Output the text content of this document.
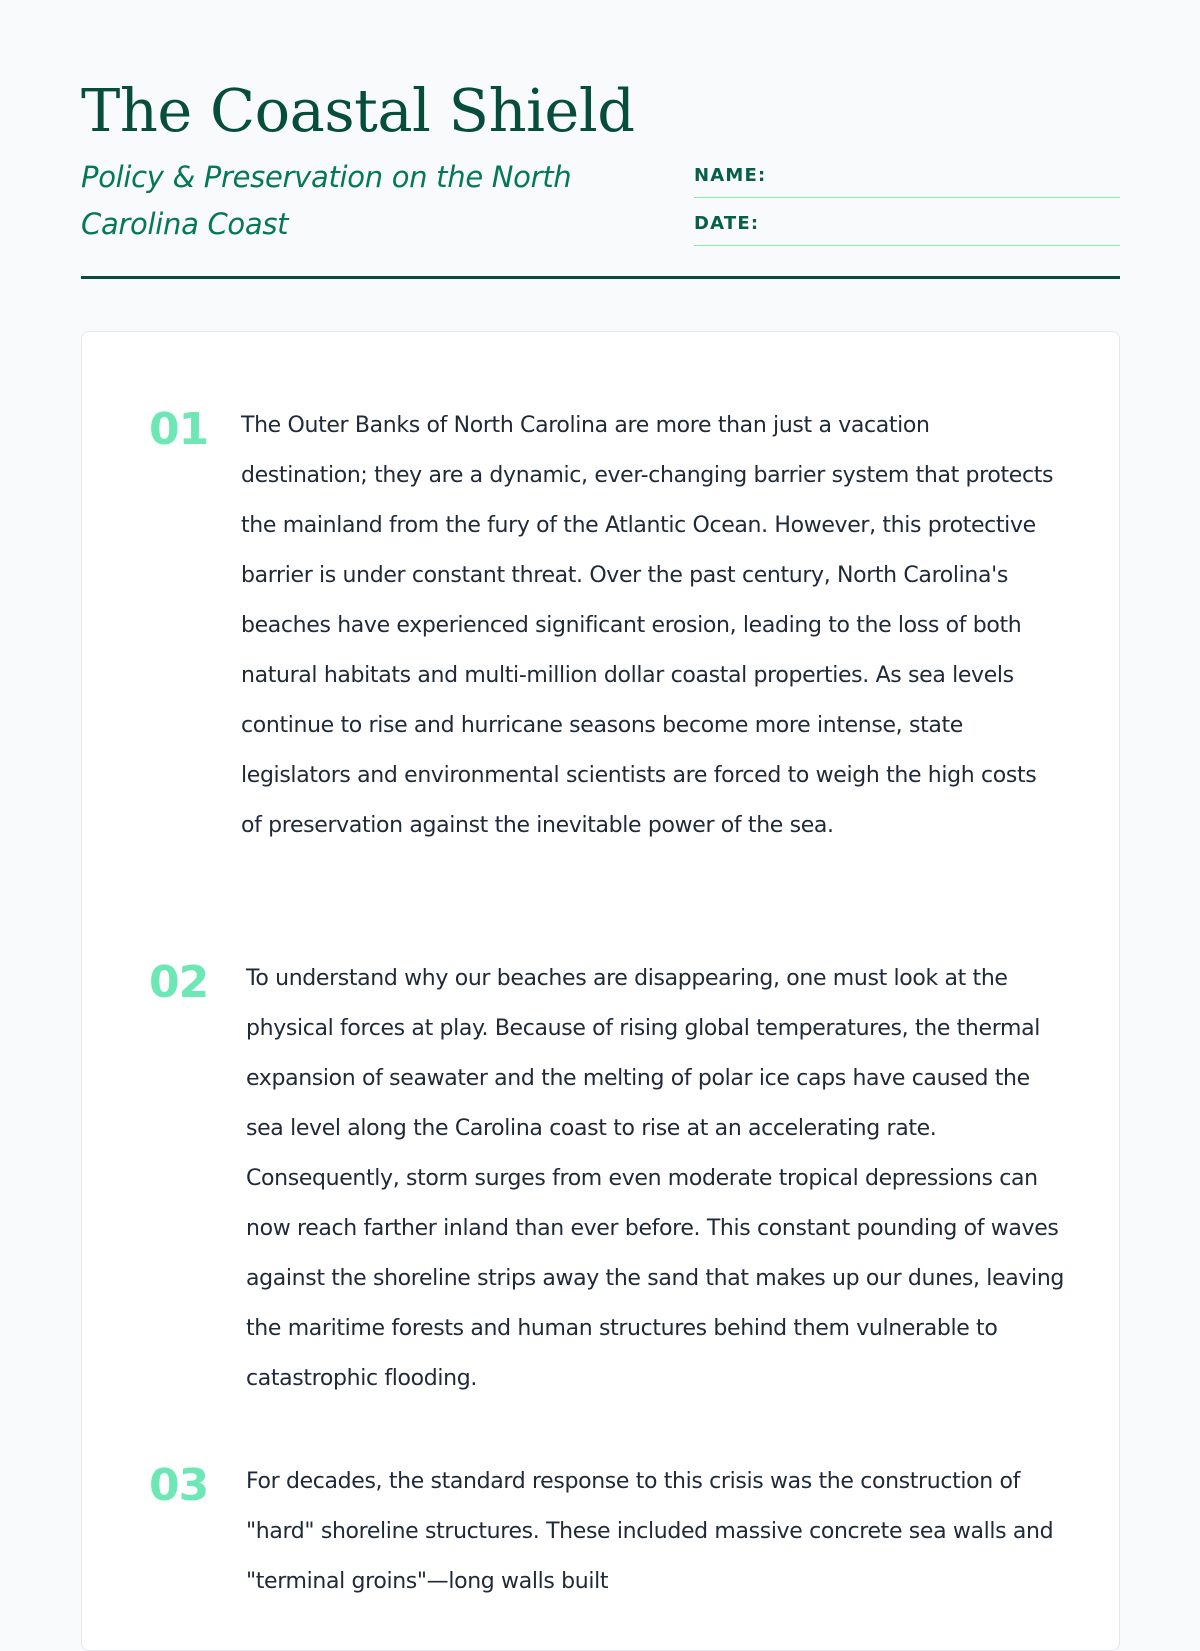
The Coastal Shield

Policy & Preservation on the North Carolina Coast

NAME:
DATE:
01 The Outer Banks of North Carolina are more than just a vacation destination; they are a dynamic, ever-changing barrier system that protects the mainland from the fury of the Atlantic Ocean. However, this protective barrier is under constant threat. Over the past century, North Carolina's beaches have experienced significant erosion, leading to the loss of both natural habitats and multi-million dollar coastal properties. As sea levels continue to rise and hurricane seasons become more intense, state legislators and environmental scientists are forced to weigh the high costs of preservation against the inevitable power of the sea.

02 To understand why our beaches are disappearing, one must look at the physical forces at play. Because of rising global temperatures, the thermal expansion of seawater and the melting of polar ice caps have caused the sea level along the Carolina coast to rise at an accelerating rate. Consequently, storm surges from even moderate tropical depressions can now reach farther inland than ever before. This constant pounding of waves against the shoreline strips away the sand that makes up our dunes, leaving the maritime forests and human structures behind them vulnerable to catastrophic flooding.

03 For decades, the standard response to this crisis was the construction of "hard" shoreline structures. These included massive concrete sea walls and "terminal groins"—long walls built
